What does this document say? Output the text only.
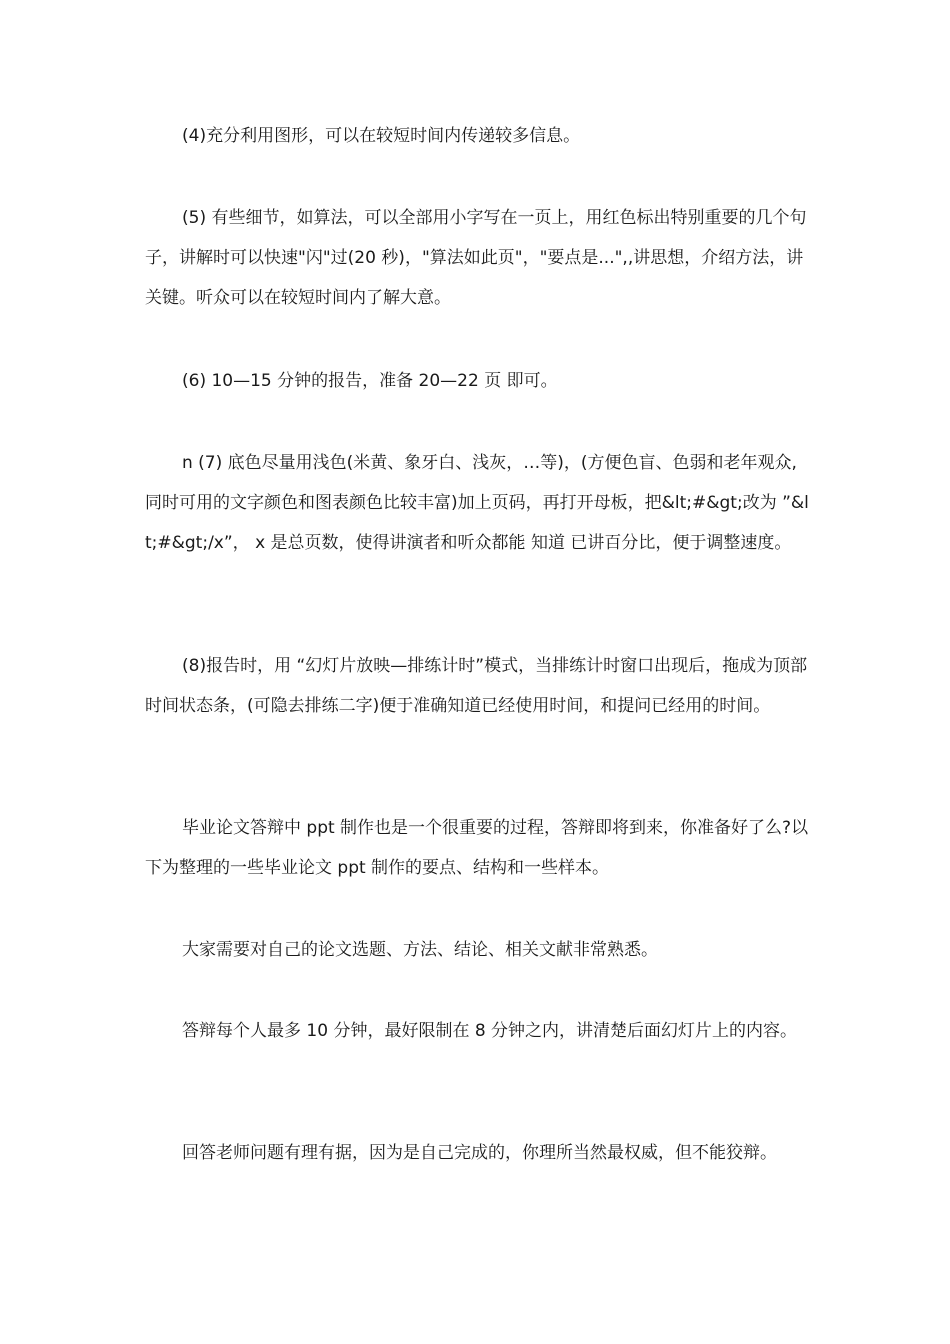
(4)充分利用图形，可以在较短时间内传递较多信息。

(5) 有些细节，如算法，可以全部用小字写在一页上，用红色标出特别重要的几个句子，讲解时可以快速"闪"过(20 秒)，"算法如此页"，"要点是...",,讲思想，介绍方法，讲关键。听众可以在较短时间内了解大意。

(6) 10—15 分钟的报告，准备 20—22 页 即可。

n (7) 底色尽量用浅色(米黄、象牙白、浅灰，…等)，(方便色盲、色弱和老年观众, 同时可用的文字颜色和图表颜色比较丰富)加上页码，再打开母板，把&lt;#&gt;改为 ”&lt;#&gt;/x”， x 是总页数，使得讲演者和听众都能 知道 已讲百分比，便于调整速度。

(8)报告时，用 “幻灯片放映—排练计时”模式，当排练计时窗口出现后，拖成为顶部时间状态条，(可隐去排练二字)便于准确知道已经使用时间，和提问已经用的时间。

毕业论文答辩中 ppt 制作也是一个很重要的过程，答辩即将到来，你准备好了么?以下为整理的一些毕业论文 ppt 制作的要点、结构和一些样本。

大家需要对自己的论文选题、方法、结论、相关文献非常熟悉。

答辩每个人最多 10 分钟，最好限制在 8 分钟之内，讲清楚后面幻灯片上的内容。

回答老师问题有理有据，因为是自己完成的，你理所当然最权威，但不能狡辩。
